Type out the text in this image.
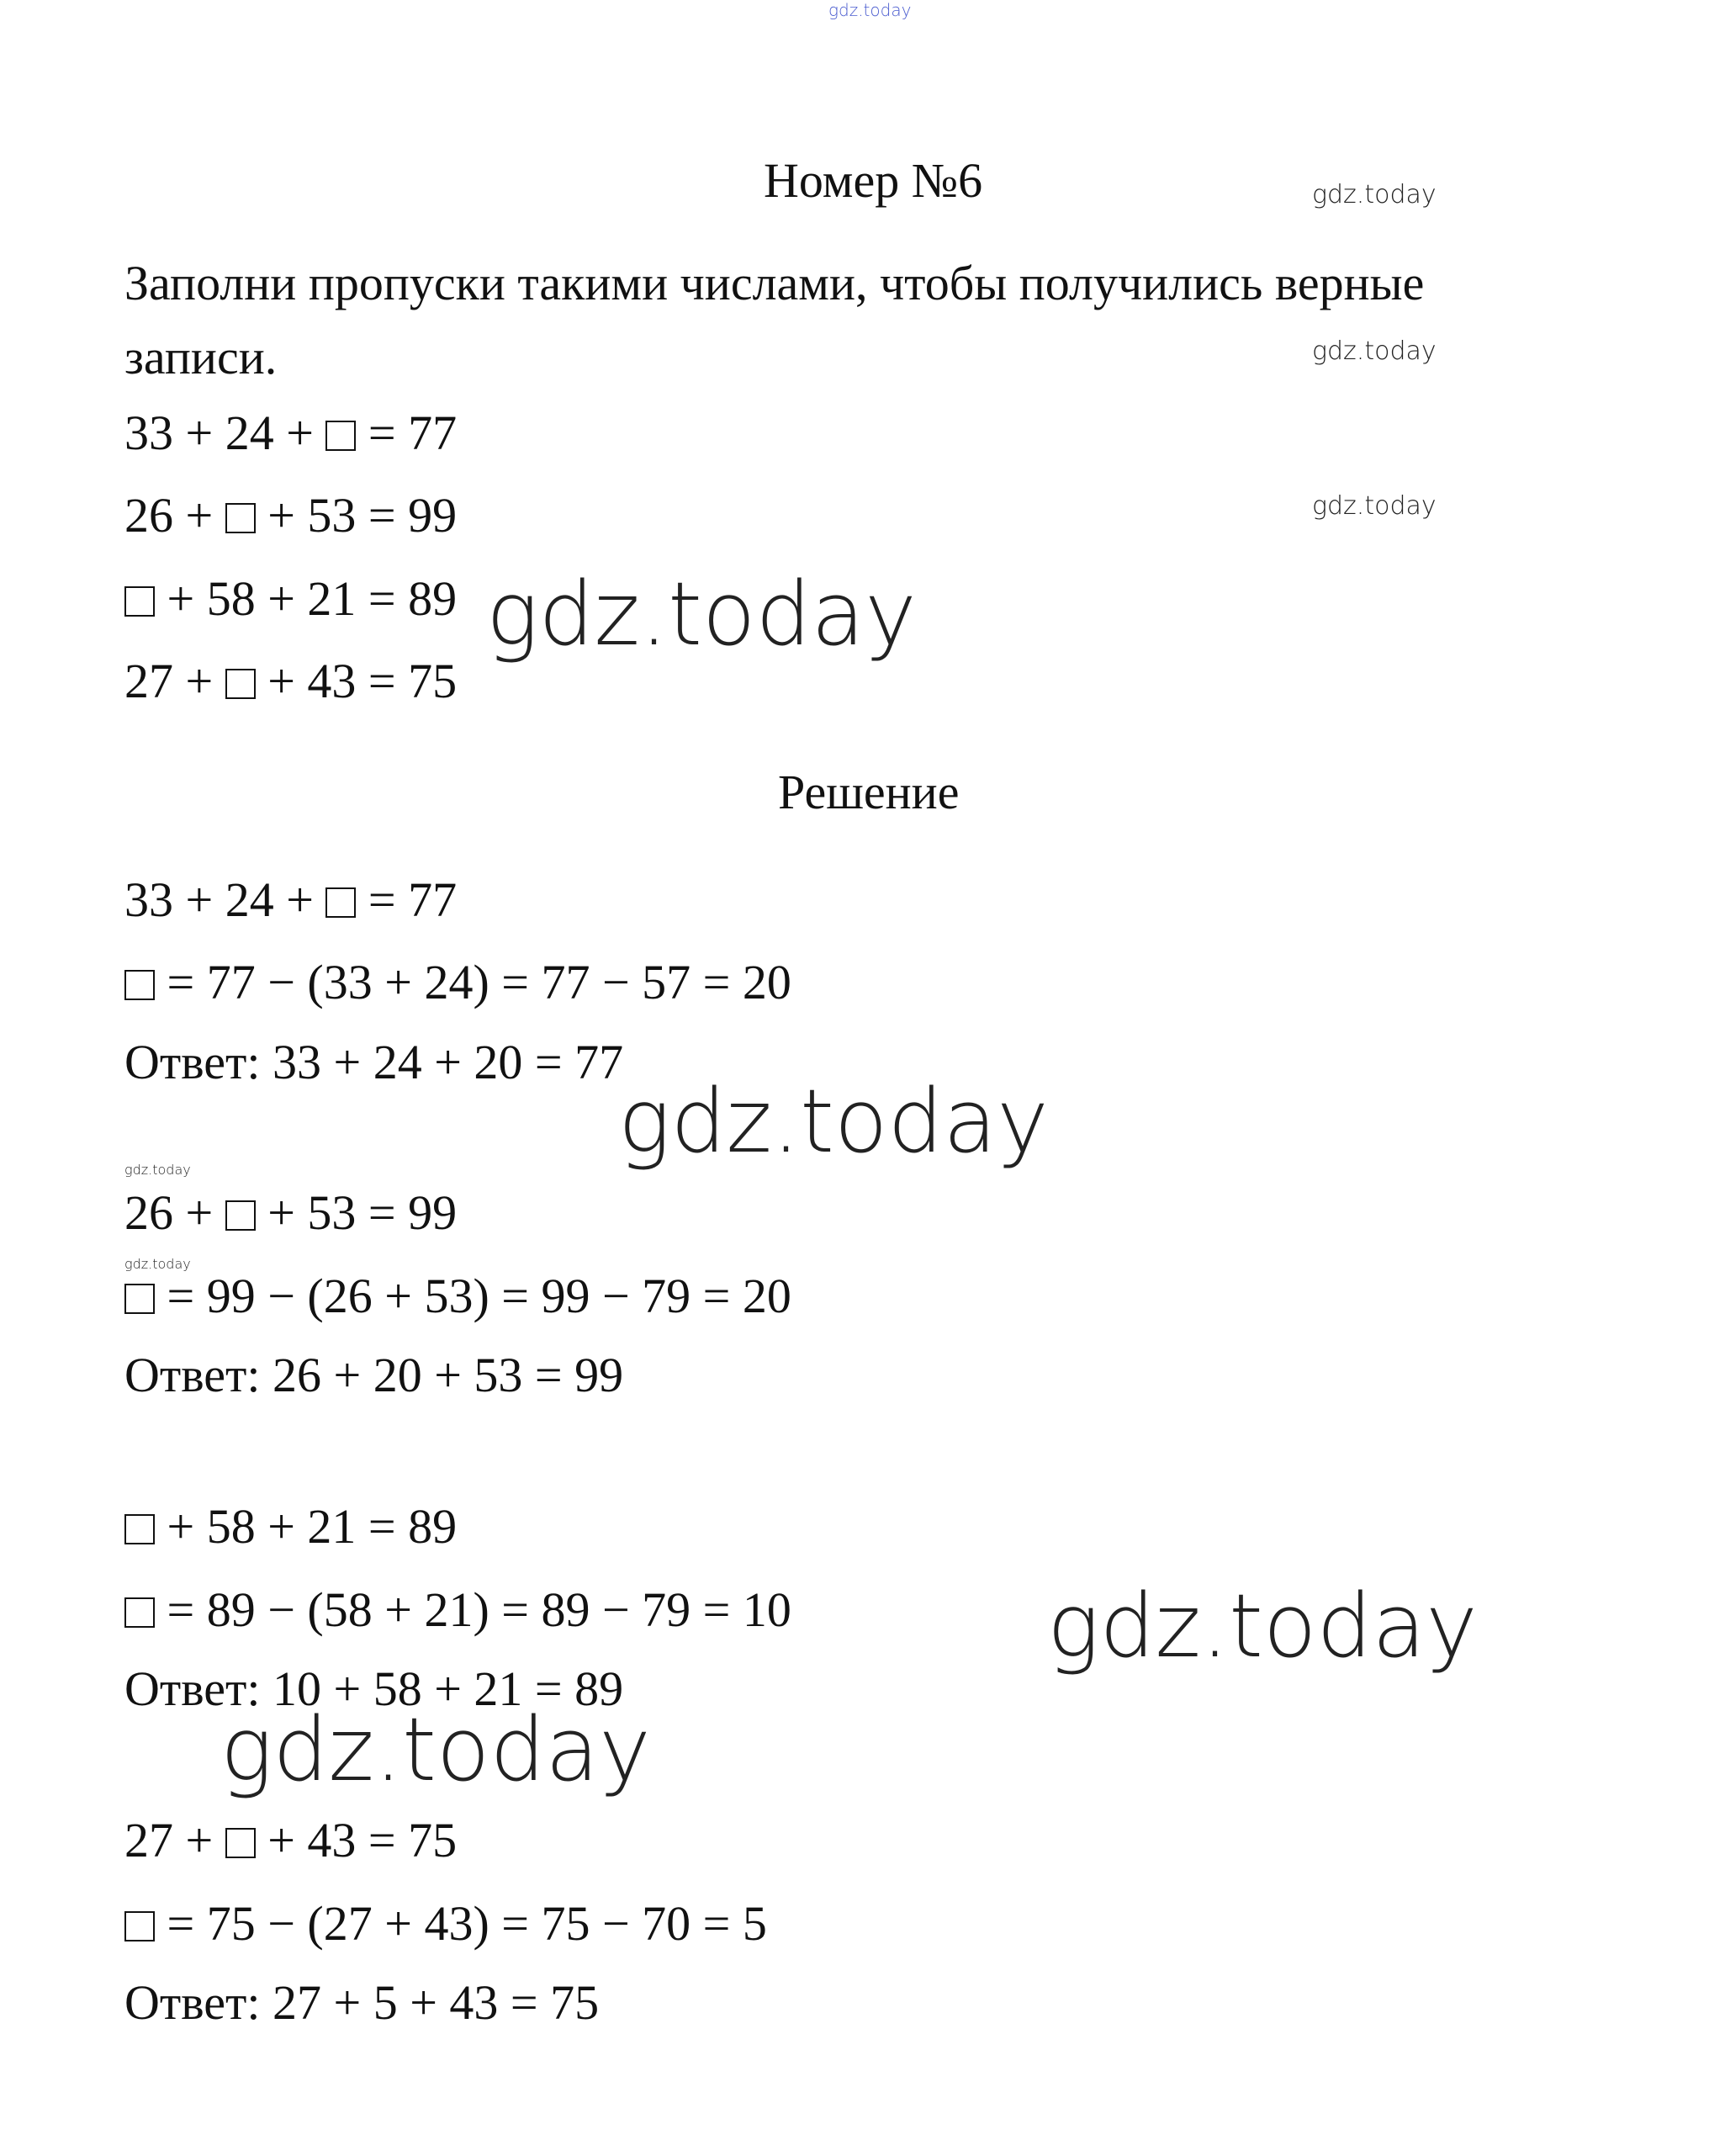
gdz.today
Номер №6	gdz.today
Заполни пропуски такими числами, чтобы получились верные
записи.	gdz.today
33 + 24 +  = 77
26 +  + 53 = 99	gdz.today
+ 58 + 21 = 89 gdz.today
27 +  + 43 = 75
Решение
33 + 24 +  = 77
= 77 − (33 + 24) = 77 − 57 = 20
Ответ: 33 + 24 + 20 = 77
gdz.today
gdz.today
26 +  + 53 = 99
gdz.today
= 99 − (26 + 53) = 99 − 79 = 20
Ответ: 26 + 20 + 53 = 99
+ 58 + 21 = 89
= 89 − (58 + 21) = 89 − 79 = 10	gdz.today
Ответ: 10 + 58 + 21 = 89
gdz.today
27 +  + 43 = 75
= 75 − (27 + 43) = 75 − 70 = 5
Ответ: 27 + 5 + 43 = 75
